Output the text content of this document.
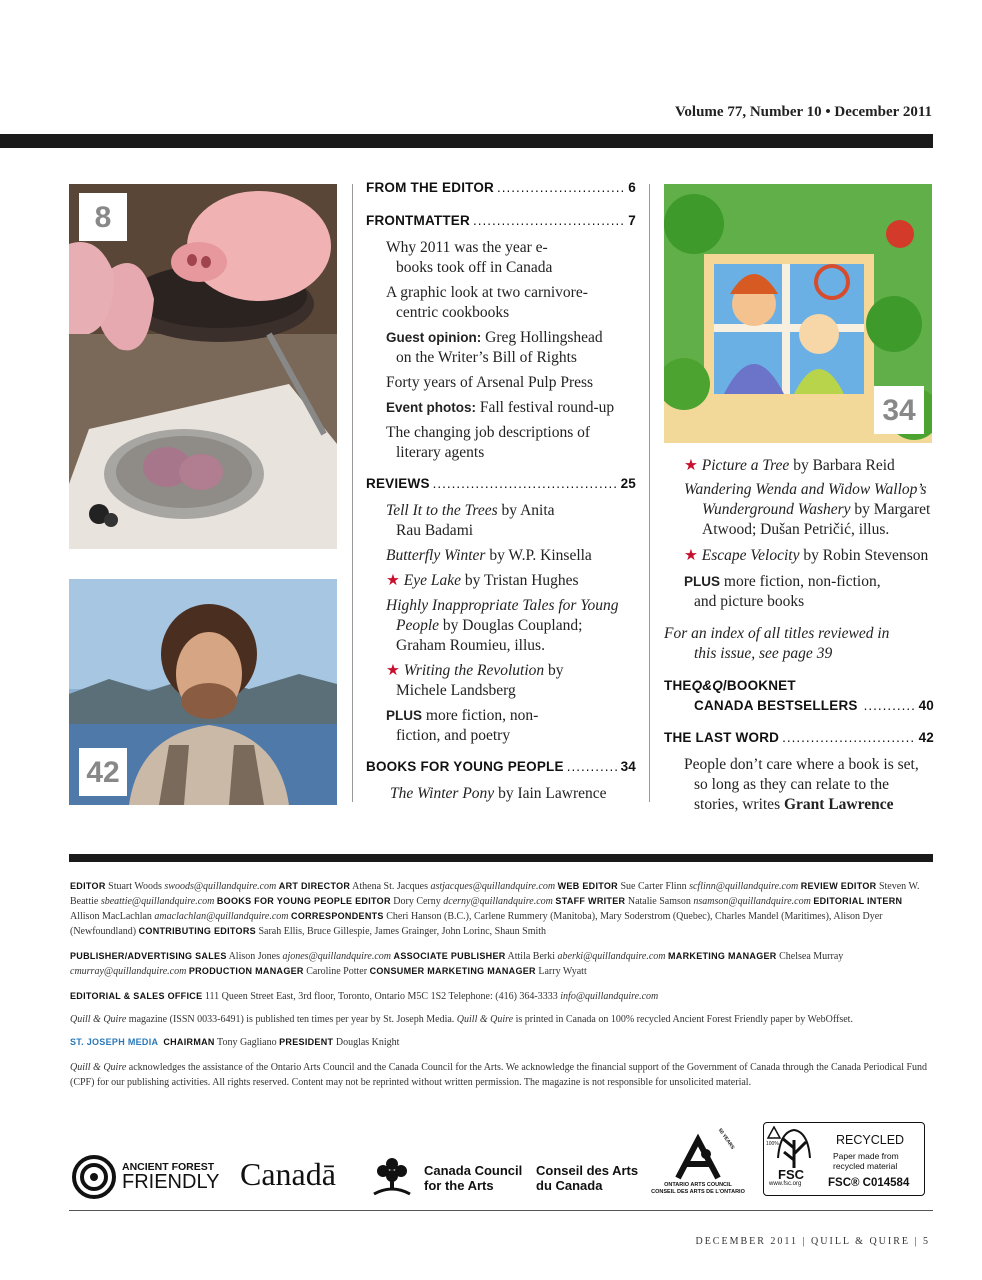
Volume 77, Number 10 • December 2011
8
42
FROM THE EDITOR .....	6
FRONTMATTER .....	7
Why 2011 was the year e-books took off in Canada
A graphic look at two carnivore-centric cookbooks
Guest opinion: Greg Hollingshead on the Writer’s Bill of Rights
Forty years of Arsenal Pulp Press
Event photos: Fall festival round-up
The changing job descriptions of literary agents
REVIEWS .....	25
Tell It to the Trees by Anita Rau Badami
Butterfly Winter by W.P. Kinsella
★ Eye Lake by Tristan Hughes
Highly Inappropriate Tales for Young People by Douglas Coupland; Graham Roumieu, illus.
★ Writing the Revolution by Michele Landsberg
PLUS more fiction, non-fiction, and poetry
BOOKS FOR YOUNG PEOPLE .....	34
The Winter Pony by Iain Lawrence
34
★ Picture a Tree by Barbara Reid
Wandering Wenda and Widow Wallop’s Wunderground Washery by Margaret Atwood; Dušan Petričić, illus.
★ Escape Velocity by Robin Stevenson
PLUS more fiction, non-fiction, and picture books
For an index of all titles reviewed in this issue, see page 39
THE Q&Q /BOOKNET
CANADA BESTSELLERS .....	40
THE LAST WORD .....	42
People don’t care where a book is set, so long as they can relate to the stories, writes Grant Lawrence
EDITOR Stuart Woods swoods@quillandquire.com ART DIRECTOR Athena St. Jacques astjacques@quillandquire.com WEB EDITOR Sue Carter Flinn scflinn@quillandquire.com REVIEW EDITOR Steven W. Beattie sbeattie@quillandquire.com BOOKS FOR YOUNG PEOPLE EDITOR Dory Cerny dcerny@quillandquire.com STAFF WRITER Natalie Samson nsamson@quillandquire.com EDITORIAL INTERN Allison MacLachlan amaclachlan@quillandquire.com CORRESPONDENTS Cheri Hanson (B.C.), Carlene Rummery (Manitoba), Mary Soderstrom (Quebec), Charles Mandel (Maritimes), Alison Dyer (Newfoundland) CONTRIBUTING EDITORS Sarah Ellis, Bruce Gillespie, James Grainger, John Lorinc, Shaun Smith
PUBLISHER/ADVERTISING SALES Alison Jones ajones@quillandquire.com ASSOCIATE PUBLISHER Attila Berki aberki@quillandquire.com MARKETING MANAGER Chelsea Murray cmurray@quillandquire.com PRODUCTION MANAGER Caroline Potter CONSUMER MARKETING MANAGER Larry Wyatt
EDITORIAL & SALES OFFICE 111 Queen Street East, 3rd floor, Toronto, Ontario M5C 1S2 Telephone: (416) 364-3333 info@quillandquire.com
Quill & Quire magazine (ISSN 0033-6491) is published ten times per year by St. Joseph Media. Quill & Quire is printed in Canada on 100% recycled Ancient Forest Friendly paper by WebOffset.
ST. JOSEPH MEDIA CHAIRMAN Tony Gagliano PRESIDENT Douglas Knight
Quill & Quire acknowledges the assistance of the Ontario Arts Council and the Canada Council for the Arts. We acknowledge the financial support of the Government of Canada through the Canada Periodical Fund (CPF) for our publishing activities. All rights reserved. Content may not be reprinted without written permission. The magazine is not responsible for unsolicited material.
ANCIENT FOREST
FRIENDLY Canadā	Canada Council
for the Arts
Conseil des Arts
du Canada
50 YEARS
ONTARIO ARTS COUNCIL
CONSEIL DES ARTS DE L’ONTARIO
100%
FSC
www.fsc.org
RECYCLED
Paper made from
recycled material
FSC® C014584
DECEMBER 2011 | QUILL & QUIRE | 5
